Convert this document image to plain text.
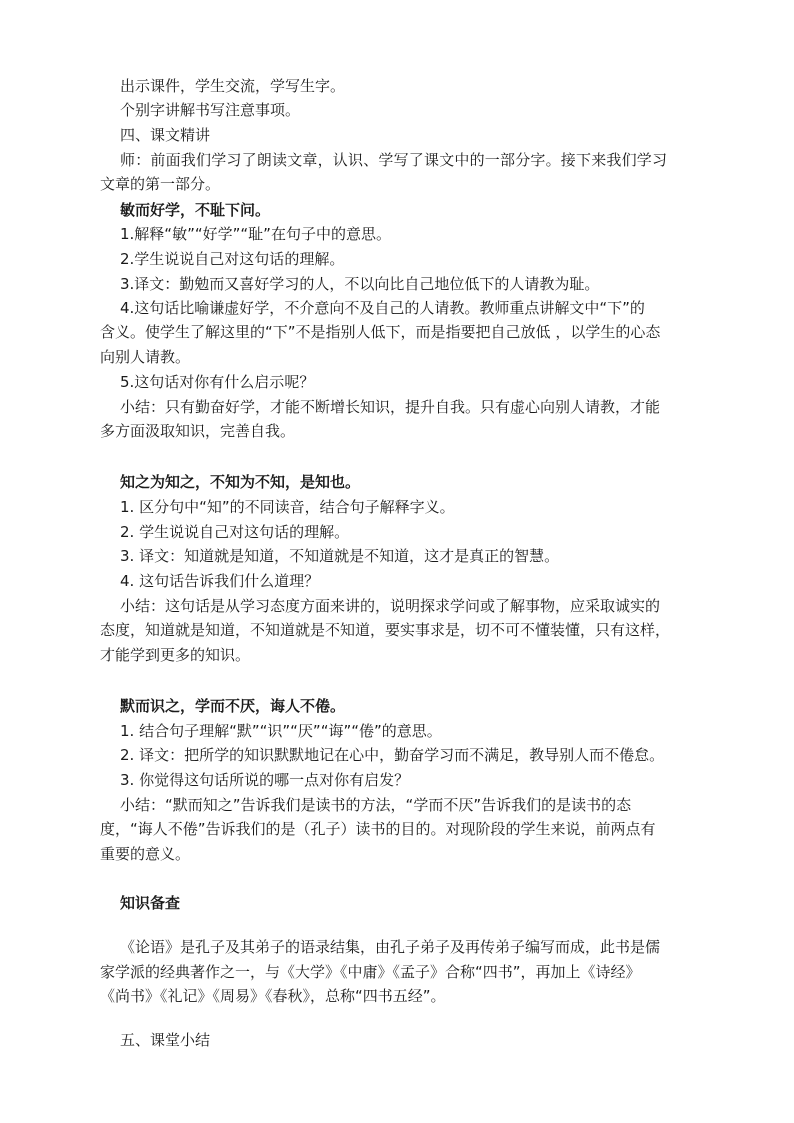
出示课件，学生交流，学写生字。
个别字讲解书写注意事项。
四、课文精讲
师：前面我们学习了朗读文章，认识、学写了课文中的一部分字。接下来我们学习
文章的第一部分。
敏而好学，不耻下问。
1.解释“敏”“好学”“耻”在句子中的意思。
2.学生说说自己对这句话的理解。
3.译文：勤勉而又喜好学习的人，不以向比自己地位低下的人请教为耻。
4.这句话比喻谦虚好学，不介意向不及自己的人请教。教师重点讲解文中“下”的
含义。使学生了解这里的“下”不是指别人低下，而是指要把自己放低 ，以学生的心态
向别人请教。
5.这句话对你有什么启示呢？
小结：只有勤奋好学，才能不断增长知识，提升自我。只有虚心向别人请教，才能
多方面汲取知识，完善自我。
知之为知之，不知为不知，是知也。
1. 区分句中“知”的不同读音，结合句子解释字义。
2. 学生说说自己对这句话的理解。
3. 译文：知道就是知道，不知道就是不知道，这才是真正的智慧。
4. 这句话告诉我们什么道理？
小结：这句话是从学习态度方面来讲的，说明探求学问或了解事物，应采取诚实的
态度，知道就是知道，不知道就是不知道，要实事求是，切不可不懂装懂，只有这样，
才能学到更多的知识。
默而识之，学而不厌，诲人不倦。
1. 结合句子理解“默”“识”“厌”“诲”“倦”的意思。
2. 译文：把所学的知识默默地记在心中，勤奋学习而不满足，教导别人而不倦怠。
3. 你觉得这句话所说的哪一点对你有启发？
小结：“默而知之”告诉我们是读书的方法，“学而不厌”告诉我们的是读书的态
度，“诲人不倦”告诉我们的是（孔子）读书的目的。对现阶段的学生来说，前两点有
重要的意义。
知识备查
《论语》是孔子及其弟子的语录结集，由孔子弟子及再传弟子编写而成，此书是儒
家学派的经典著作之一，与《大学》《中庸》《孟子》合称“四书”，再加上《诗经》
《尚书》《礼记》《周易》《春秋》，总称“四书五经”。
五、课堂小结
